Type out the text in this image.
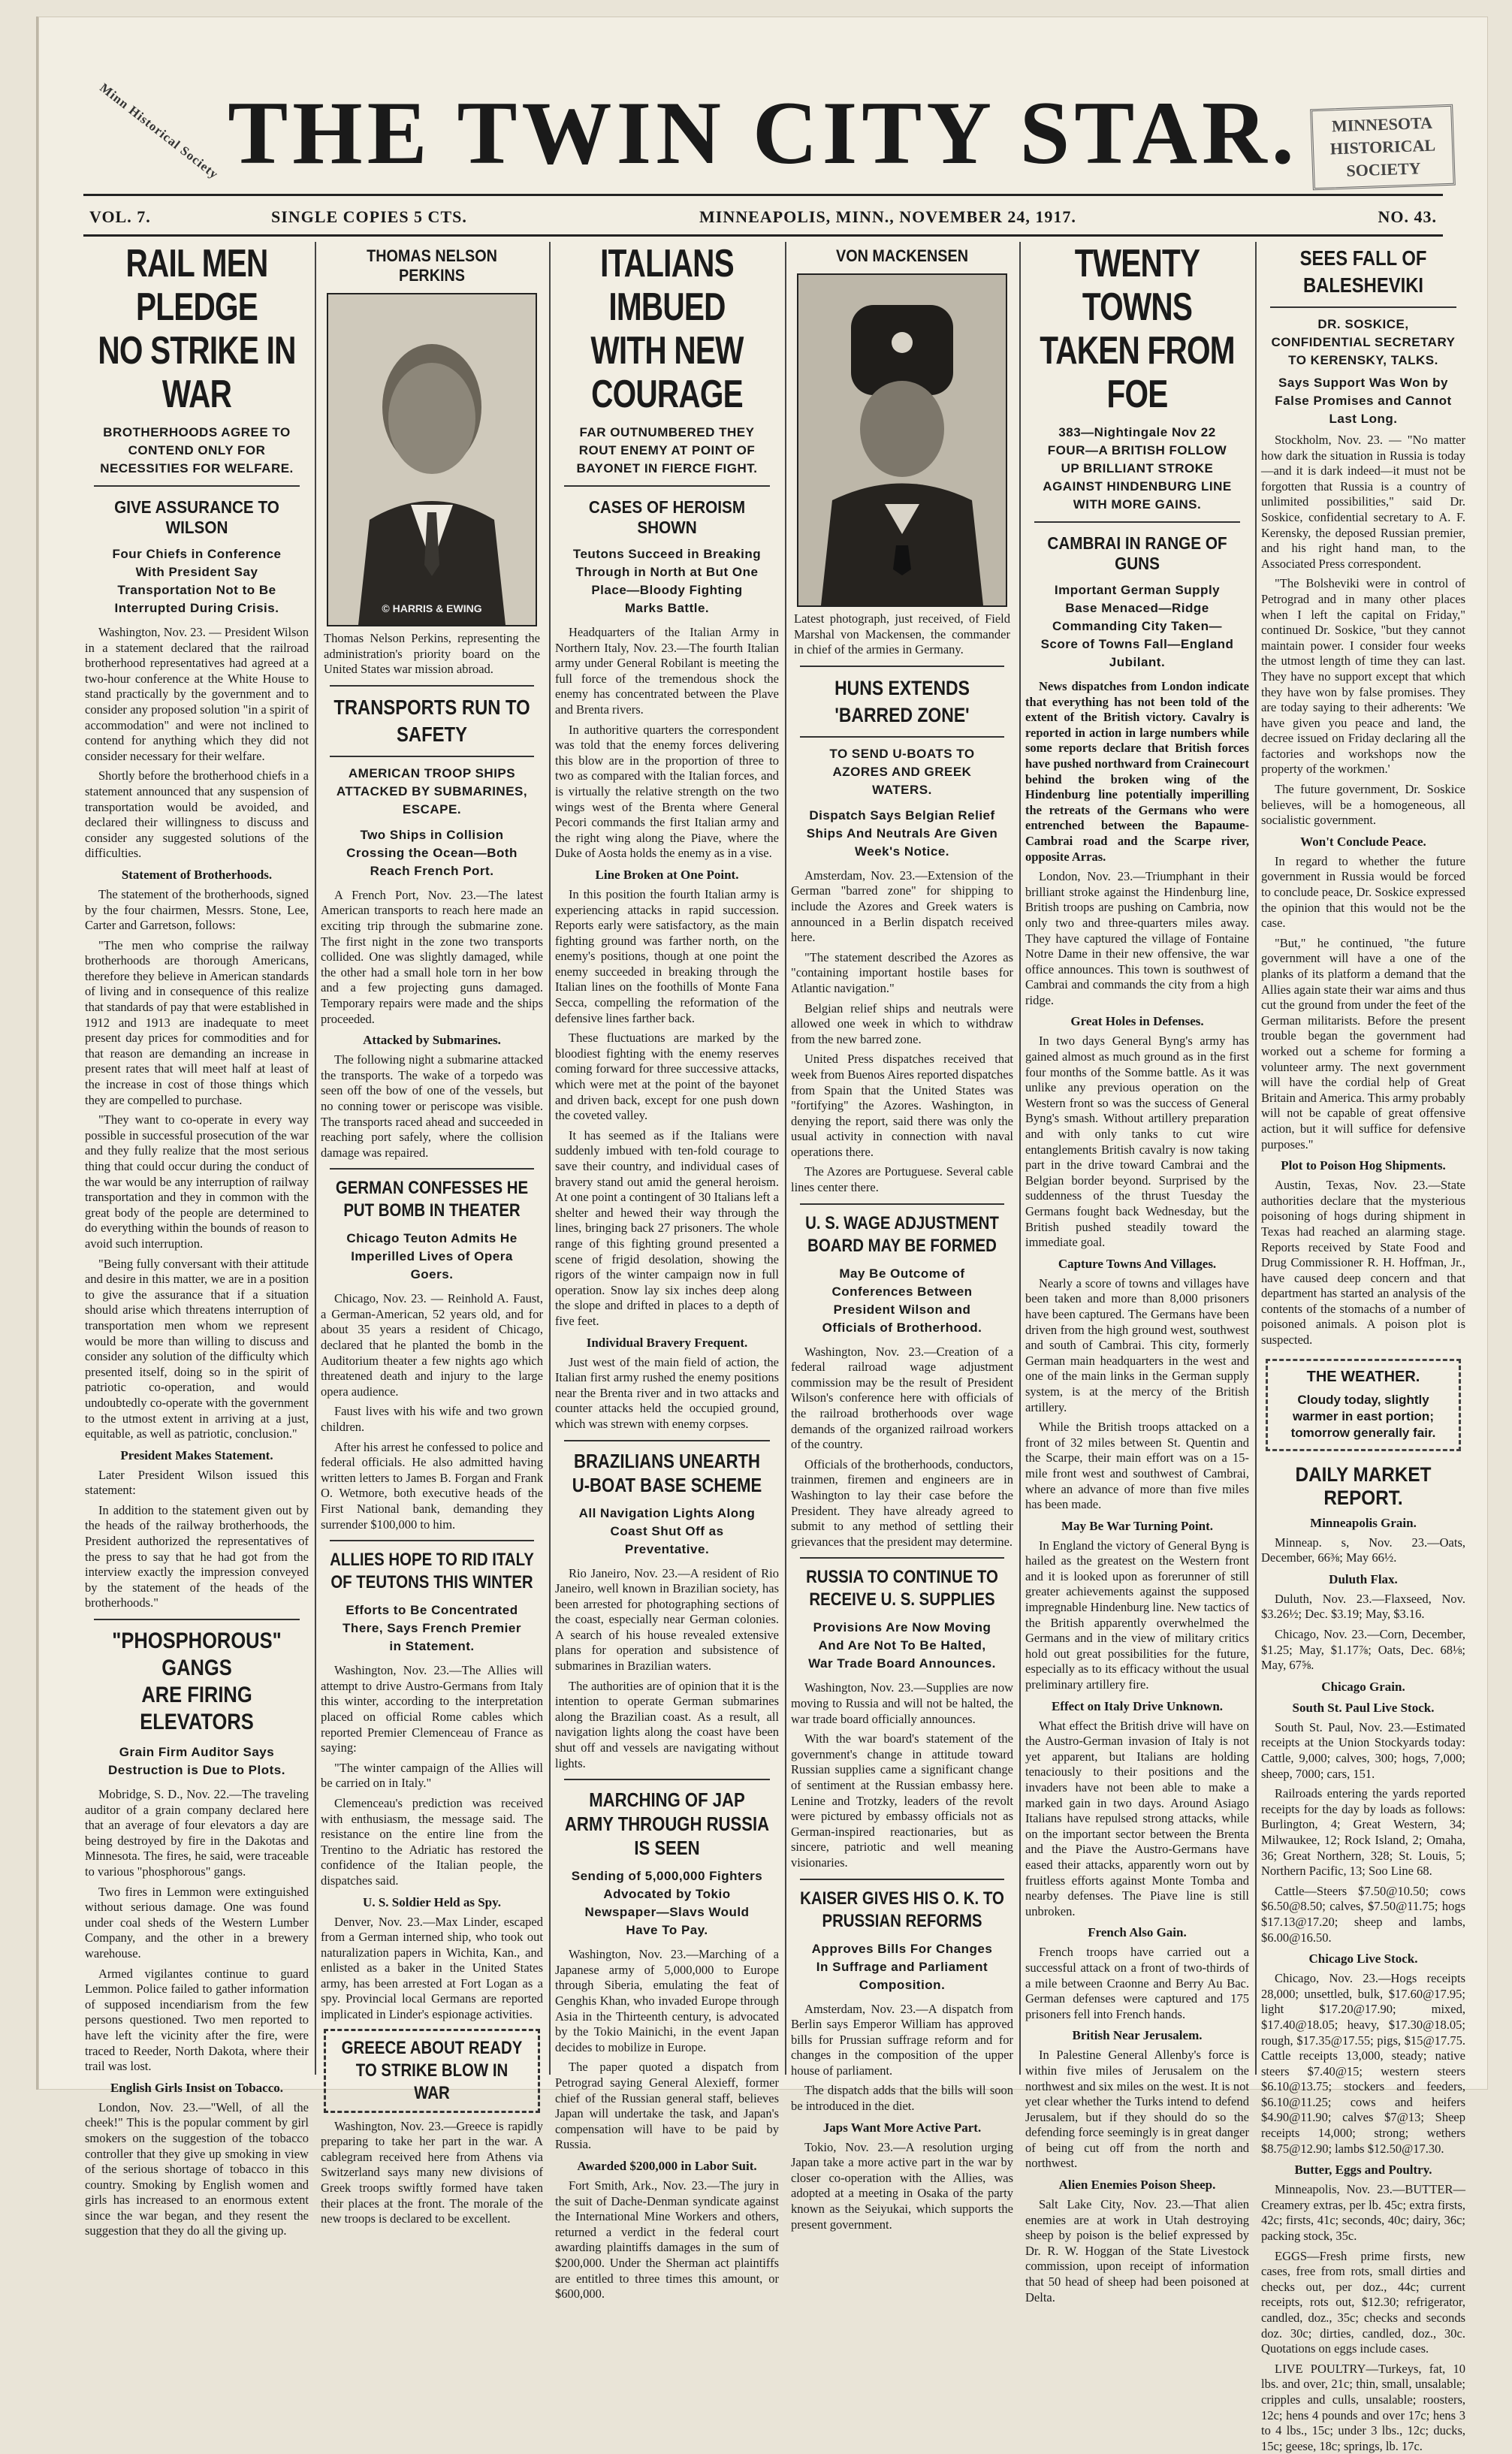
Minn Historical Society	MINNESOTA
HISTORICAL
SOCIETY
THE TWIN CITY STAR.
VOL. 7.	SINGLE COPIES 5 CTS.	MINNEAPOLIS, MINN., NOVEMBER 24, 1917.	NO. 43.
RAIL MEN PLEDGE
NO STRIKE IN WAR
BROTHERHOODS AGREE TO CONTEND ONLY FOR NECESSITIES FOR WELFARE.
GIVE ASSURANCE TO WILSON
Four Chiefs in Conference With President Say Transportation Not to Be Interrupted During Crisis.

Washington, Nov. 23. — President Wilson in a statement declared that the railroad brotherhood representatives had agreed at a two-hour conference at the White House to stand practically by the government and to consider any proposed solution "in a spirit of accommodation" and were not inclined to contend for anything which they did not consider necessary for their welfare.

Shortly before the brotherhood chiefs in a statement announced that any suspension of transportation would be avoided, and declared their willingness to discuss and consider any suggested solutions of the difficulties.

Statement of Brotherhoods.

The statement of the brotherhoods, signed by the four chairmen, Messrs. Stone, Lee, Carter and Garretson, follows:

"The men who comprise the railway brotherhoods are thorough Americans, therefore they believe in American standards of living and in consequence of this realize that standards of pay that were established in 1912 and 1913 are inadequate to meet present day prices for commodities and for that reason are demanding an increase in present rates that will meet half at least of the increase in cost of those things which they are compelled to purchase.

"They want to co-operate in every way possible in successful prosecution of the war and they fully realize that the most serious thing that could occur during the conduct of the war would be any interruption of railway transportation and they in common with the great body of the people are determined to do everything within the bounds of reason to avoid such interruption.

"Being fully conversant with their attitude and desire in this matter, we are in a position to give the assurance that if a situation should arise which threatens interruption of transportation men whom we represent would be more than willing to discuss and consider any solution of the difficulty which presented itself, doing so in the spirit of patriotic co-operation, and would undoubtedly co-operate with the government to the utmost extent in arriving at a just, equitable, as well as patriotic, conclusion."

President Makes Statement.

Later President Wilson issued this statement:

In addition to the statement given out by the heads of the railway brotherhoods, the President authorized the representatives of the press to say that he had got from the interview exactly the impression conveyed by the statement of the heads of the brotherhoods."

"PHOSPHOROUS" GANGS
ARE FIRING ELEVATORS
Grain Firm Auditor Says Destruction is Due to Plots.

Mobridge, S. D., Nov. 22.—The traveling auditor of a grain company declared here that an average of four elevators a day are being destroyed by fire in the Dakotas and Minnesota. The fires, he said, were traceable to various "phosphorous" gangs.

Two fires in Lemmon were extinguished without serious damage. One was found under coal sheds of the Western Lumber Company, and the other in a brewery warehouse.

Armed vigilantes continue to guard Lemmon. Police failed to gather information of supposed incendiarism from the few persons questioned. Two men reported to have left the vicinity after the fire, were traced to Reeder, North Dakota, where their trail was lost.

English Girls Insist on Tobacco.

London, Nov. 23.—"Well, of all the cheek!" This is the popular comment by girl smokers on the suggestion of the tobacco controller that they give up smoking in view of the serious shortage of tobacco in this country. Smoking by English women and girls has increased to an enormous extent since the war began, and they resent the suggestion that they do all the giving up.

THOMAS NELSON PERKINS
© HARRIS & EWING
Thomas Nelson Perkins, representing the administration's priority board on the United States war mission abroad.
TRANSPORTS RUN TO SAFETY
AMERICAN TROOP SHIPS ATTACKED BY SUBMARINES, ESCAPE.
Two Ships in Collision Crossing the Ocean—Both Reach French Port.

A French Port, Nov. 23.—The latest American transports to reach here made an exciting trip through the submarine zone. The first night in the zone two transports collided. One was slightly damaged, while the other had a small hole torn in her bow and a few projecting guns damaged. Temporary repairs were made and the ships proceeded.

Attacked by Submarines.

The following night a submarine attacked the transports. The wake of a torpedo was seen off the bow of one of the vessels, but no conning tower or periscope was visible. The transports raced ahead and succeeded in reaching port safely, where the collision damage was repaired.

GERMAN CONFESSES HE PUT BOMB IN THEATER
Chicago Teuton Admits He Imperilled Lives of Opera Goers.

Chicago, Nov. 23. — Reinhold A. Faust, a German-American, 52 years old, and for about 35 years a resident of Chicago, declared that he planted the bomb in the Auditorium theater a few nights ago which threatened death and injury to the large opera audience.

Faust lives with his wife and two grown children.

After his arrest he confessed to police and federal officials. He also admitted having written letters to James B. Forgan and Frank O. Wetmore, both executive heads of the First National bank, demanding they surrender $100,000 to him.

ALLIES HOPE TO RID ITALY OF TEUTONS THIS WINTER
Efforts to Be Concentrated There, Says French Premier in Statement.

Washington, Nov. 23.—The Allies will attempt to drive Austro-Germans from Italy this winter, according to the interpretation placed on official Rome cables which reported Premier Clemenceau of France as saying:

"The winter campaign of the Allies will be carried on in Italy."

Clemenceau's prediction was received with enthusiasm, the message said. The resistance on the entire line from the Trentino to the Adriatic has restored the confidence of the Italian people, the dispatches said.

U. S. Soldier Held as Spy.

Denver, Nov. 23.—Max Linder, escaped from a German interned ship, who took out naturalization papers in Wichita, Kan., and enlisted as a baker in the United States army, has been arrested at Fort Logan as a spy. Provincial local Germans are reported implicated in Linder's espionage activities.

GREECE ABOUT READY TO STRIKE BLOW IN WAR

Washington, Nov. 23.—Greece is rapidly preparing to take her part in the war. A cablegram received here from Athens via Switzerland says many new divisions of Greek troops swiftly formed have taken their places at the front. The morale of the new troops is declared to be excellent.

ITALIANS IMBUED
WITH NEW COURAGE
FAR OUTNUMBERED THEY ROUT ENEMY AT POINT OF BAYONET IN FIERCE FIGHT.
CASES OF HEROISM SHOWN
Teutons Succeed in Breaking Through in North at But One Place—Bloody Fighting Marks Battle.

Headquarters of the Italian Army in Northern Italy, Nov. 23.—The fourth Italian army under General Robilant is meeting the full force of the tremendous shock the enemy has concentrated between the Plave and Brenta rivers.

In authoritive quarters the correspondent was told that the enemy forces delivering this blow are in the proportion of three to two as compared with the Italian forces, and is virtually the relative strength on the two wings west of the Brenta where General Pecori commands the first Italian army and the right wing along the Piave, where the Duke of Aosta holds the enemy as in a vise.

Line Broken at One Point.

In this position the fourth Italian army is experiencing attacks in rapid succession. Reports early were satisfactory, as the main fighting ground was farther north, on the enemy's positions, though at one point the enemy succeeded in breaking through the Italian lines on the foothills of Monte Fana Secca, compelling the reformation of the defensive lines farther back.

These fluctuations are marked by the bloodiest fighting with the enemy reserves coming forward for three successive attacks, which were met at the point of the bayonet and driven back, except for one push down the coveted valley.

It has seemed as if the Italians were suddenly imbued with ten-fold courage to save their country, and individual cases of bravery stand out amid the general heroism. At one point a contingent of 30 Italians left a shelter and hewed their way through the lines, bringing back 27 prisoners. The whole range of this fighting ground presented a scene of frigid desolation, showing the rigors of the winter campaign now in full operation. Snow lay six inches deep along the slope and drifted in places to a depth of five feet.

Individual Bravery Frequent.

Just west of the main field of action, the Italian first army rushed the enemy positions near the Brenta river and in two attacks and counter attacks held the occupied ground, which was strewn with enemy corpses.

BRAZILIANS UNEARTH U-BOAT BASE SCHEME
All Navigation Lights Along Coast Shut Off as Preventative.

Rio Janeiro, Nov. 23.—A resident of Rio Janeiro, well known in Brazilian society, has been arrested for photographing sections of the coast, especially near German colonies. A search of his house revealed extensive plans for operation and subsistence of submarines in Brazilian waters.

The authorities are of opinion that it is the intention to operate German submarines along the Brazilian coast. As a result, all navigation lights along the coast have been shut off and vessels are navigating without lights.

MARCHING OF JAP ARMY THROUGH RUSSIA IS SEEN
Sending of 5,000,000 Fighters Advocated by Tokio Newspaper—Slavs Would Have To Pay.

Washington, Nov. 23.—Marching of a Japanese army of 5,000,000 to Europe through Siberia, emulating the feat of Genghis Khan, who invaded Europe through Asia in the Thirteenth century, is advocated by the Tokio Mainichi, in the event Japan decides to mobilize in Europe.

The paper quoted a dispatch from Petrograd saying General Alexieff, former chief of the Russian general staff, believes Japan will undertake the task, and Japan's compensation will have to be paid by Russia.

Awarded $200,000 in Labor Suit.

Fort Smith, Ark., Nov. 23.—The jury in the suit of Dache-Denman syndicate against the International Mine Workers and others, returned a verdict in the federal court awarding plaintiffs damages in the sum of $200,000. Under the Sherman act plaintiffs are entitled to three times this amount, or $600,000.

VON MACKENSEN
Latest photograph, just received, of Field Marshal von Mackensen, the commander in chief of the armies in Germany.
HUNS EXTENDS 'BARRED ZONE'
TO SEND U-BOATS TO AZORES AND GREEK WATERS.
Dispatch Says Belgian Relief Ships And Neutrals Are Given Week's Notice.

Amsterdam, Nov. 23.—Extension of the German "barred zone" for shipping to include the Azores and Greek waters is announced in a Berlin dispatch received here.

"The statement described the Azores as "containing important hostile bases for Atlantic navigation."

Belgian relief ships and neutrals were allowed one week in which to withdraw from the new barred zone.

United Press dispatches received that week from Buenos Aires reported dispatches from Spain that the United States was "fortifying" the Azores. Washington, in denying the report, said there was only the usual activity in connection with naval operations there.

The Azores are Portuguese. Several cable lines center there.

U. S. WAGE ADJUSTMENT BOARD MAY BE FORMED
May Be Outcome of Conferences Between President Wilson and Officials of Brotherhood.

Washington, Nov. 23.—Creation of a federal railroad wage adjustment commission may be the result of President Wilson's conference here with officials of the railroad brotherhoods over wage demands of the organized railroad workers of the country.

Officials of the brotherhoods, conductors, trainmen, firemen and engineers are in Washington to lay their case before the President. They have already agreed to submit to any method of settling their grievances that the president may determine.

RUSSIA TO CONTINUE TO RECEIVE U. S. SUPPLIES
Provisions Are Now Moving And Are Not To Be Halted, War Trade Board Announces.

Washington, Nov. 23.—Supplies are now moving to Russia and will not be halted, the war trade board officially announces.

With the war board's statement of the government's change in attitude toward Russian supplies came a significant change of sentiment at the Russian embassy here. Lenine and Trotzky, leaders of the revolt were pictured by embassy officials not as German-inspired reactionaries, but as sincere, patriotic and well meaning visionaries.

KAISER GIVES HIS O. K. TO PRUSSIAN REFORMS
Approves Bills For Changes In Suffrage and Parliament Composition.

Amsterdam, Nov. 23.—A dispatch from Berlin says Emperor William has approved bills for Prussian suffrage reform and for changes in the composition of the upper house of parliament.

The dispatch adds that the bills will soon be introduced in the diet.

Japs Want More Active Part.

Tokio, Nov. 23.—A resolution urging Japan take a more active part in the war by closer co-operation with the Allies, was adopted at a meeting in Osaka of the party known as the Seiyukai, which supports the present government.

TWENTY TOWNS
TAKEN FROM FOE
383—Nightingale Nov 22 FOUR—A BRITISH FOLLOW UP BRILLIANT STROKE AGAINST HINDENBURG LINE WITH MORE GAINS.
CAMBRAI IN RANGE OF GUNS
Important German Supply Base Menaced—Ridge Commanding City Taken—Score of Towns Fall—England Jubilant.

News dispatches from London indicate that everything has not been told of the extent of the British victory. Cavalry is reported in action in large numbers while some reports declare that British forces have pushed northward from Crainecourt behind the broken wing of the Hindenburg line potentially imperilling the retreats of the Germans who were entrenched between the Bapaume-Cambrai road and the Scarpe river, opposite Arras.

London, Nov. 23.—Triumphant in their brilliant stroke against the Hindenburg line, British troops are pushing on Cambria, now only two and three-quarters miles away. They have captured the village of Fontaine Notre Dame in their new offensive, the war office announces. This town is southwest of Cambrai and commands the city from a high ridge.

Great Holes in Defenses.

In two days General Byng's army has gained almost as much ground as in the first four months of the Somme battle. As it was unlike any previous operation on the Western front so was the success of General Byng's smash. Without artillery preparation and with only tanks to cut wire entanglements British cavalry is now taking part in the drive toward Cambrai and the Belgian border beyond. Surprised by the suddenness of the thrust Tuesday the Germans fought back Wednesday, but the British pushed steadily toward the immediate goal.

Capture Towns And Villages.

Nearly a score of towns and villages have been taken and more than 8,000 prisoners have been captured. The Germans have been driven from the high ground west, southwest and south of Cambrai. This city, formerly German main headquarters in the west and one of the main links in the German supply system, is at the mercy of the British artillery.

While the British troops attacked on a front of 32 miles between St. Quentin and the Scarpe, their main effort was on a 15-mile front west and southwest of Cambrai, where an advance of more than five miles has been made.

May Be War Turning Point.

In England the victory of General Byng is hailed as the greatest on the Western front and it is looked upon as forerunner of still greater achievements against the supposed impregnable Hindenburg line. New tactics of the British apparently overwhelmed the Germans and in the view of military critics hold out great possibilities for the future, especially as to its efficacy without the usual preliminary artillery fire.

Effect on Italy Drive Unknown.

What effect the British drive will have on the Austro-German invasion of Italy is not yet apparent, but Italians are holding tenaciously to their positions and the invaders have not been able to make a marked gain in two days. Around Asiago Italians have repulsed strong attacks, while on the important sector between the Brenta and the Piave the Austro-Germans have eased their attacks, apparently worn out by fruitless efforts against Monte Tomba and nearby defenses. The Piave line is still unbroken.

French Also Gain.

French troops have carried out a successful attack on a front of two-thirds of a mile between Craonne and Berry Au Bac. German defenses were captured and 175 prisoners fell into French hands.

British Near Jerusalem.

In Palestine General Allenby's force is within five miles of Jerusalem on the northwest and six miles on the west. It is not yet clear whether the Turks intend to defend Jerusalem, but if they should do so the defending force seemingly is in great danger of being cut off from the north and northwest.

Alien Enemies Poison Sheep.

Salt Lake City, Nov. 23.—That alien enemies are at work in Utah destroying sheep by poison is the belief expressed by Dr. R. W. Hoggan of the State Livestock commission, upon receipt of information that 50 head of sheep had been poisoned at Delta.

SEES FALL OF BALESHEVIKI
DR. SOSKICE, CONFIDENTIAL SECRETARY TO KERENSKY, TALKS.
Says Support Was Won by False Promises and Cannot Last Long.

Stockholm, Nov. 23. — "No matter how dark the situation in Russia is today—and it is dark indeed—it must not be forgotten that Russia is a country of unlimited possibilities," said Dr. Soskice, confidential secretary to A. F. Kerensky, the deposed Russian premier, and his right hand man, to the Associated Press correspondent.

"The Bolsheviki were in control of Petrograd and in many other places when I left the capital on Friday," continued Dr. Soskice, "but they cannot maintain power. I consider four weeks the utmost length of time they can last. They have no support except that which they have won by false promises. They are today saying to their adherents: 'We have given you peace and land, the decree issued on Friday declaring all the factories and workshops now the property of the workmen.'

The future government, Dr. Soskice believes, will be a homogeneous, all socialistic government.

Won't Conclude Peace.

In regard to whether the future government in Russia would be forced to conclude peace, Dr. Soskice expressed the opinion that this would not be the case.

"But," he continued, "the future government will have a one of the planks of its platform a demand that the Allies again state their war aims and thus cut the ground from under the feet of the German militarists. Before the present trouble began the government had worked out a scheme for forming a volunteer army. The next government will have the cordial help of Great Britain and America. This army probably will not be capable of great offensive action, but it will suffice for defensive purposes."

Plot to Poison Hog Shipments.

Austin, Texas, Nov. 23.—State authorities declare that the mysterious poisoning of hogs during shipment in Texas had reached an alarming stage. Reports received by State Food and Drug Commissioner R. H. Hoffman, Jr., have caused deep concern and that department has started an analysis of the contents of the stomachs of a number of poisoned animals. A poison plot is suspected.

THE WEATHER.
Cloudy today, slightly warmer in east portion; tomorrow generally fair.
DAILY MARKET REPORT.
Minneapolis Grain.

Minneap. s, Nov. 23.—Oats, December, 66⅜; May 66½.

Duluth Flax.

Duluth, Nov. 23.—Flaxseed, Nov. $3.26½; Dec. $3.19; May, $3.16.

Chicago, Nov. 23.—Corn, December, $1.25; May, $1.17⅞; Oats, Dec. 68⅛; May, 67⅝.

Chicago Grain.
South St. Paul Live Stock.

South St. Paul, Nov. 23.—Estimated receipts at the Union Stockyards today: Cattle, 9,000; calves, 300; hogs, 7,000; sheep, 7000; cars, 151.

Railroads entering the yards reported receipts for the day by loads as follows: Burlington, 4; Great Western, 34; Milwaukee, 12; Rock Island, 2; Omaha, 36; Great Northern, 328; St. Louis, 5; Northern Pacific, 13; Soo Line 68.

Cattle—Steers $7.50@10.50; cows $6.50@8.50; calves, $7.50@11.75; hogs $17.13@17.20; sheep and lambs, $6.00@16.50.

Chicago Live Stock.

Chicago, Nov. 23.—Hogs receipts 28,000; unsettled, bulk, $17.60@17.95; light $17.20@17.90; mixed, $17.40@18.05; heavy, $17.30@18.05; rough, $17.35@17.55; pigs, $15@17.75. Cattle receipts 13,000, steady; native steers $7.40@15; western steers $6.10@13.75; stockers and feeders, $6.10@11.25; cows and heifers $4.90@11.90; calves $7@13; Sheep receipts 14,000; strong; wethers $8.75@12.90; lambs $12.50@17.30.

Butter, Eggs and Poultry.

Minneapolis, Nov. 23.—BUTTER—Creamery extras, per lb. 45c; extra firsts, 42c; firsts, 41c; seconds, 40c; dairy, 36c; packing stock, 35c.

EGGS—Fresh prime firsts, new cases, free from rots, small dirties and checks out, per doz., 44c; current receipts, rots out, $12.30; refrigerator, candled, doz., 35c; checks and seconds doz. 30c; dirties, candled, doz., 30c. Quotations on eggs include cases.

LIVE POULTRY—Turkeys, fat, 10 lbs. and over, 21c; thin, small, unsalable; cripples and culls, unsalable; roosters, 12c; hens 4 pounds and over 17c; hens 3 to 4 lbs., 15c; under 3 lbs., 12c; ducks, 15c; geese, 18c; springs, lb. 17c.
